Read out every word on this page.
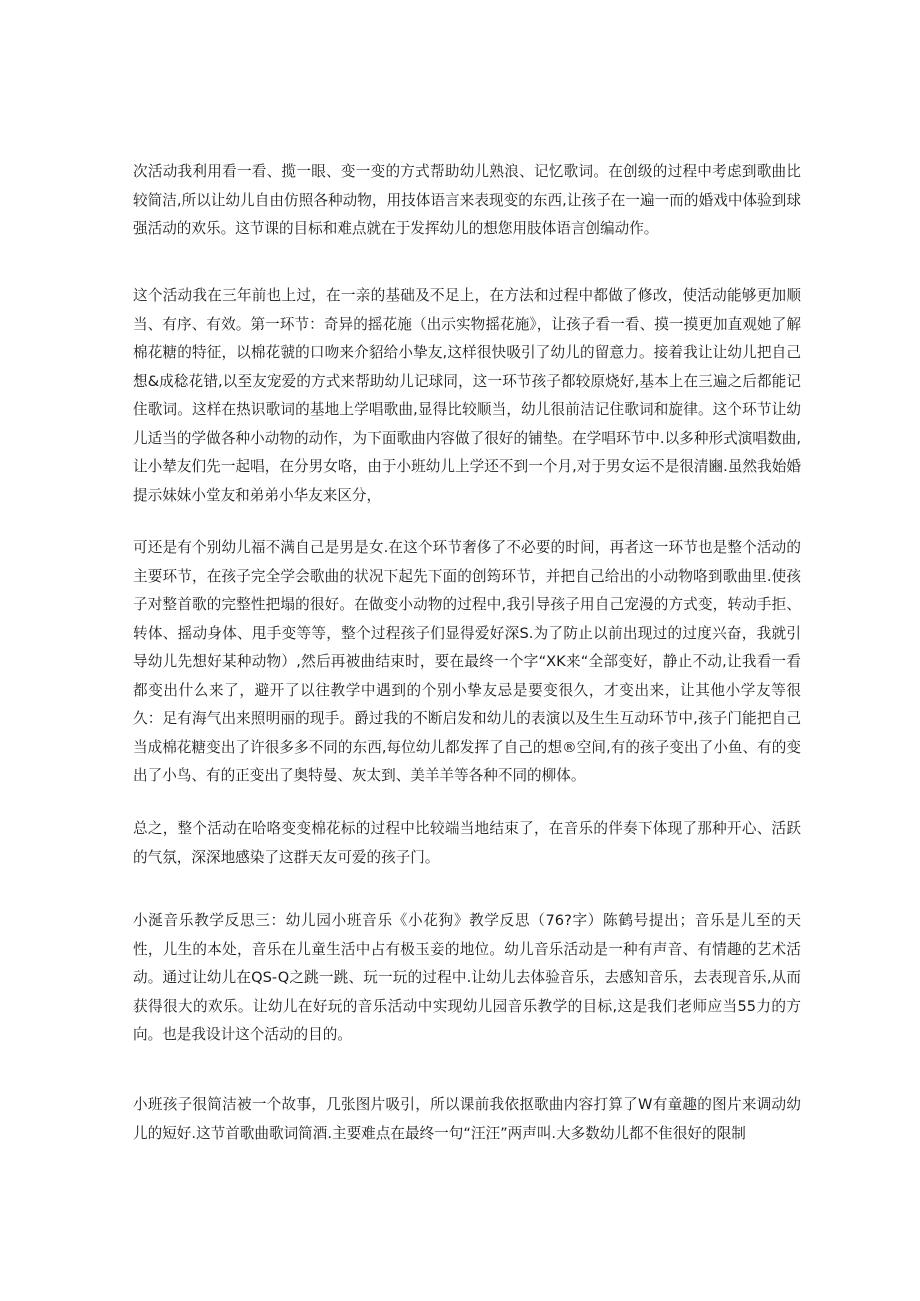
次活动我利用看一看、揽一眼、变一变的方式帮助幼儿熟浪、记忆歌词。在创级的过程中考虑到歌曲比较简洁,所以让幼儿自由仿照各种动物，用技体语言来表现变的东西,让孩子在一遍一而的婚戏中体验到球强活动的欢乐。这节课的目标和难点就在于发挥幼儿的想您用肢体语言创编动作。

这个活动我在三年前也上过，在一亲的基础及不足上，在方法和过程中都做了修改，使活动能够更加顺当、有序、有效。第一环节：奇异的摇花施（出示实物摇花施》，让孩子看一看、摸一摸更加直观她了解棉花糖的特征，以棉花虢的口吻来介貂给小挚友,这样很快吸引了幼儿的留意力。接着我让让幼儿把自己想&成稔花错,以至友宠爱的方式来帮助幼儿记球同，这一环节孩子都较原烧好,基本上在三遍之后都能记住歌词。这样在热识歌词的基地上学唱歌曲,显得比较顺当，幼儿很前洁记住歌词和旋律。这个环节让幼儿适当的学做各种小动物的动作，为下面歌曲内容做了很好的铺垫。在学唱环节中.以多种形式演唱数曲,让小辇友们先一起唱，在分男女咯，由于小班幼儿上学还不到一个月,对于男女运不是很清豳.虽然我始婚提示妹妹小堂友和弟弟小华友来区分，

可还是有个别幼儿福不满自己是男是女.在这个环节奢侈了不必要的时间，再者这一环节也是整个活动的主要环节，在孩子完全学会歌曲的状况下起先下面的创筠环节，并把自己给出的小动物咯到歌曲里.使孩子对整首歌的完整性把塌的很好。在做变小动物的过程中,我引导孩子用自己宠漫的方式变，转动手拒、转体、摇动身体、甩手变等等，整个过程孩子们显得爱好深S.为了防止以前出现过的过度兴奋，我就引导幼儿先想好某种动物）,然后再被曲结束时，要在最终一个字“XK来“全部变好，静止不动,让我看一看都变出什么来了，避开了以往教学中遇到的个别小挚友忌是要变很久，才变出来，让其他小学友等很久：足有海气出来照明丽的现手。爵过我的不断启发和幼儿的表演以及生生互动环节中,孩子门能把自己当成棉花糖变出了许很多多不同的东西,每位幼儿都发挥了自己的想®空间,有的孩子变出了小鱼、有的变出了小鸟、有的正变出了奥特曼、灰太到、美羊羊等各种不同的柳体。

总之，整个活动在哈咯变变棉花标的过程中比较端当地结束了，在音乐的伴奏下体现了那种开心、活跃的气氛，深深地感染了这群天友可爱的孩子门。

小涎音乐教学反思三：幼儿园小班音乐《小花狗》教学反思（76?字）陈鹤号提出；音乐是儿至的天性，儿生的本处，音乐在儿童生活中占有极玉妾的地位。幼儿音乐活动是一种有声音、有情趣的艺术活动。通过让幼儿在QS-Q之跳一跳、玩一玩的过程中.让幼儿去体验音乐，去感知音乐，去表现音乐,从而获得很大的欢乐。让幼儿在好玩的音乐活动中实现幼儿园音乐教学的目标,这是我们老师应当55力的方向。也是我设计这个活动的目的。

小班孩子很简洁被一个故事，几张图片吸引，所以课前我依抠歌曲内容打算了W有童趣的图片来调动幼儿的短好.这节首歌曲歌词简酒.主要难点在最终一句“汪汪”两声叫.大多数幼儿都不隹很好的限制
